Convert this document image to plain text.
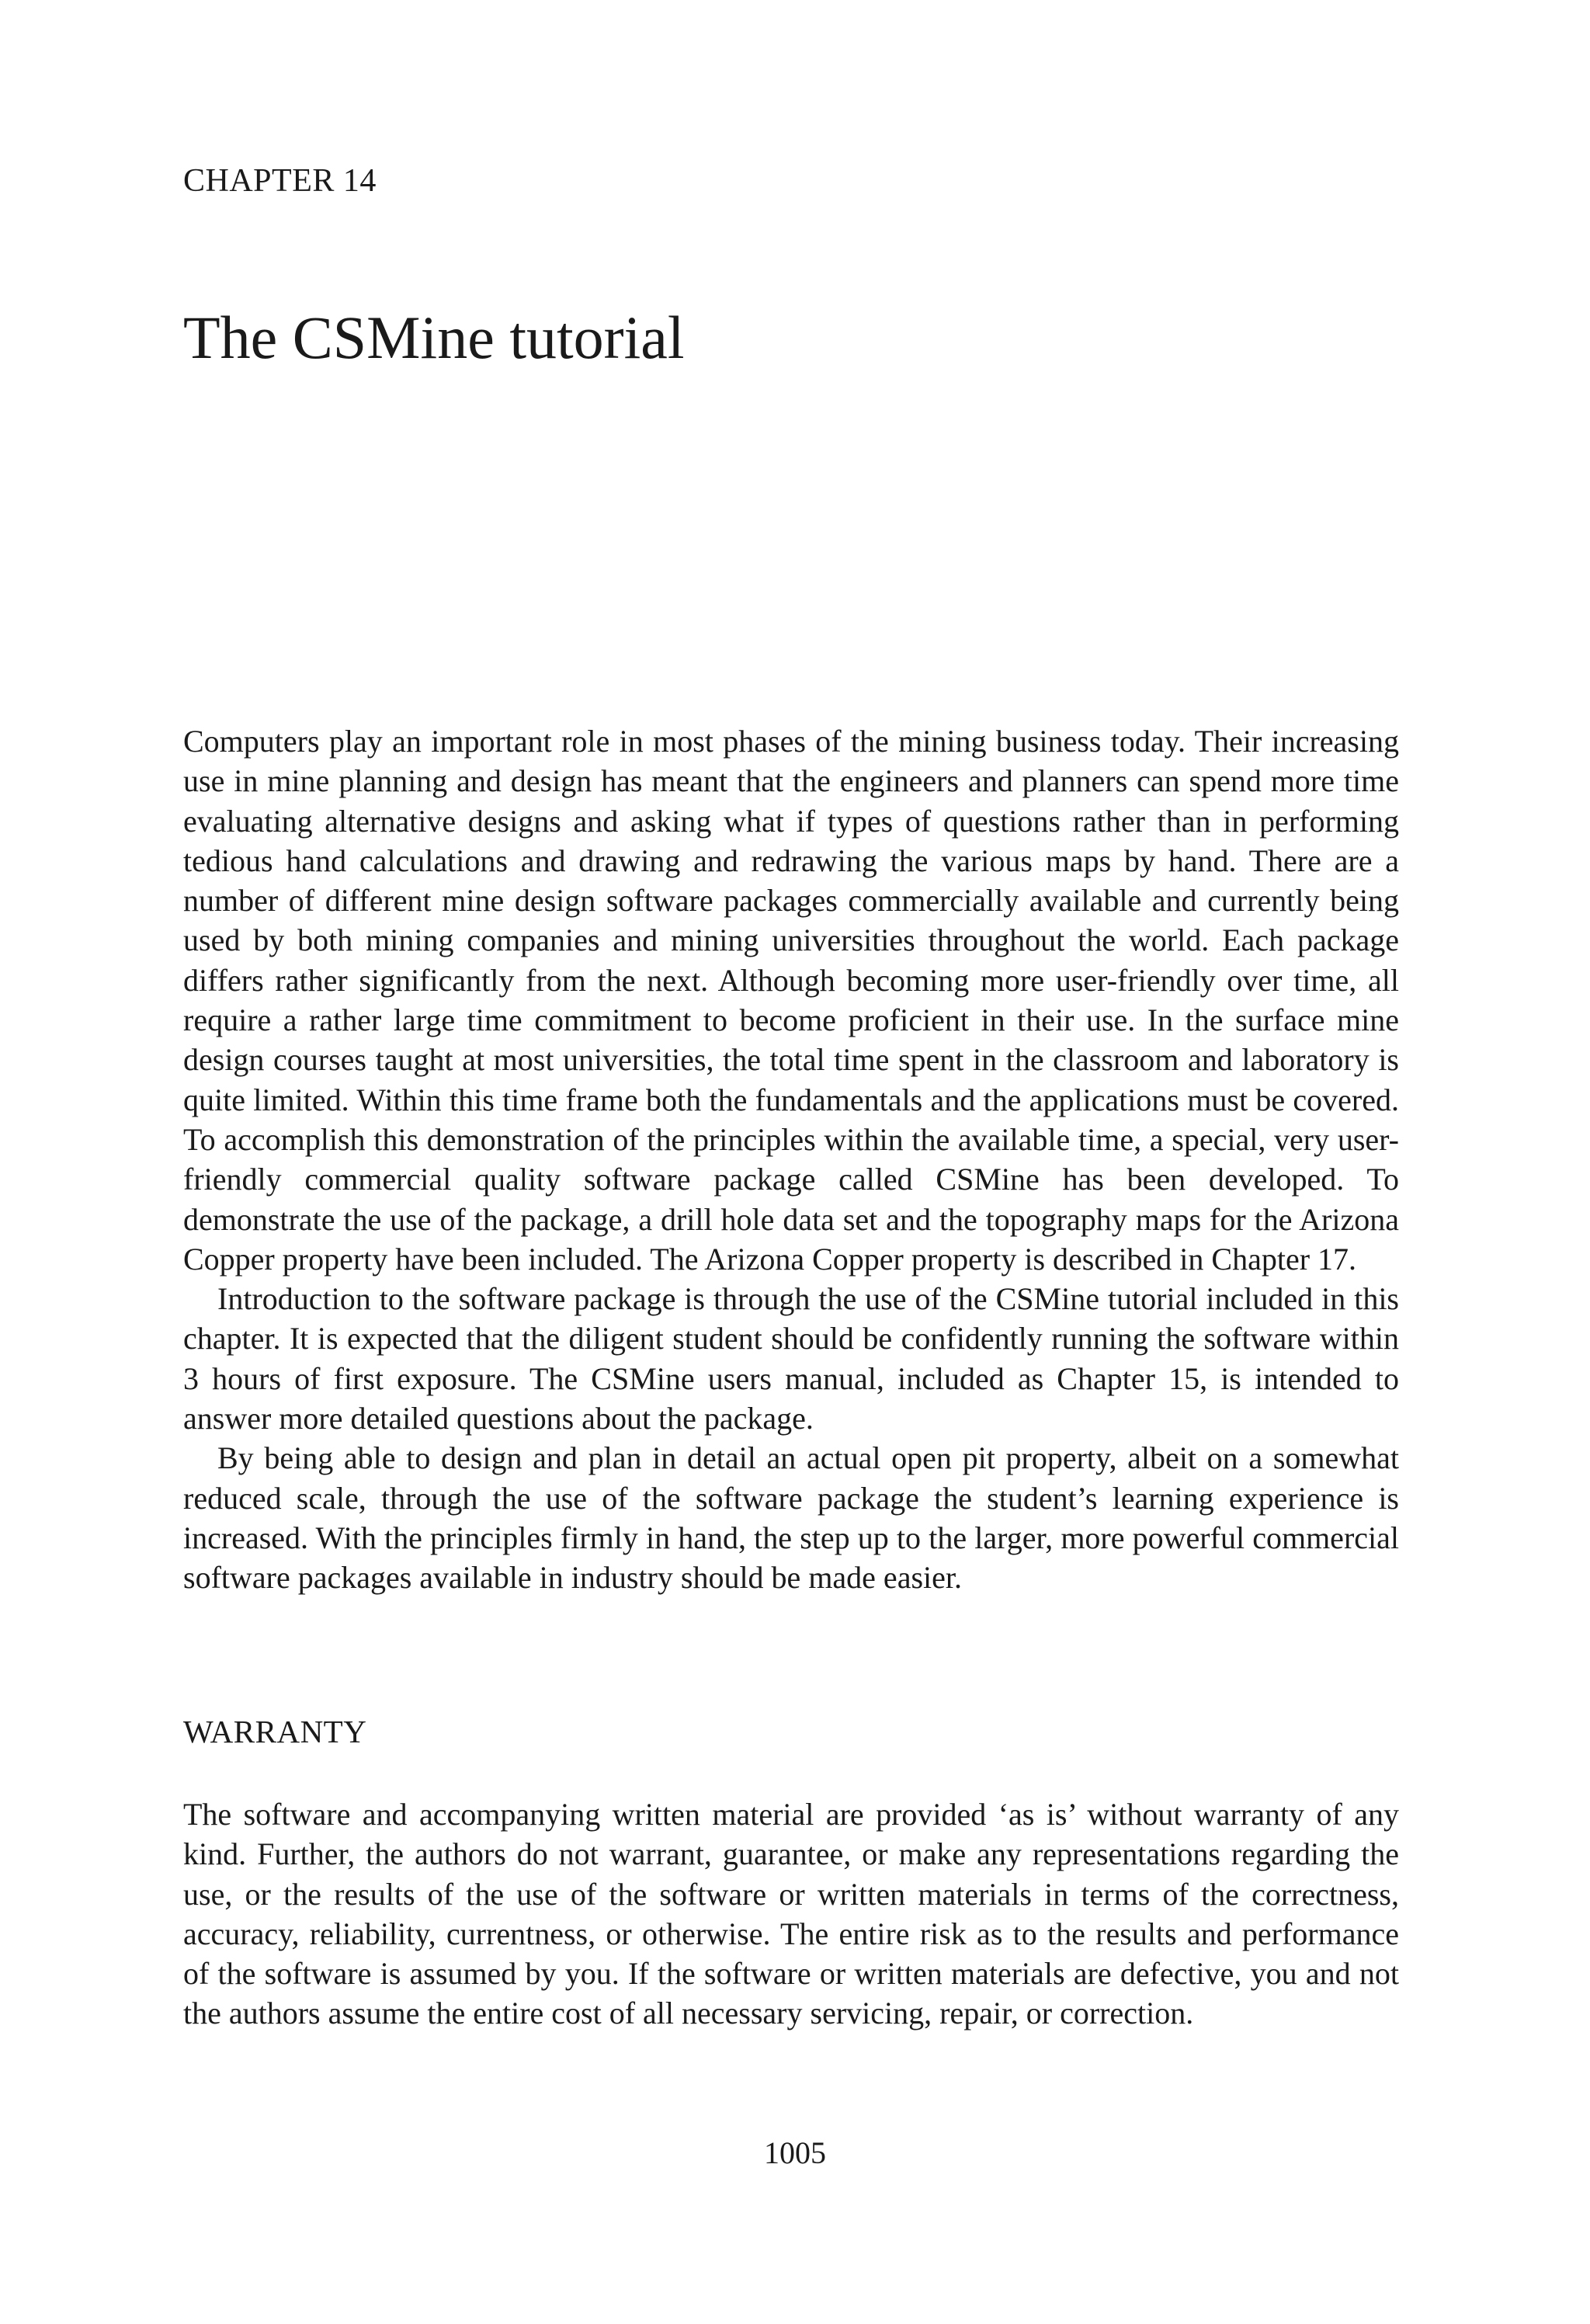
CHAPTER 14
The CSMine tutorial

Computers play an important role in most phases of the mining business today. Their increasing use in mine planning and design has meant that the engineers and planners can spend more time evaluating alternative designs and asking what if types of questions rather than in performing tedious hand calculations and drawing and redrawing the various maps by hand. There are a number of different mine design software packages commercially available and currently being used by both mining companies and mining universities throughout the world. Each package differs rather significantly from the next. Although becoming more user-friendly over time, all require a rather large time commitment to become proficient in their use. In the surface mine design courses taught at most universities, the total time spent in the classroom and laboratory is quite limited. Within this time frame both the fundamentals and the applications must be covered. To accomplish this demonstration of the principles within the available time, a special, very user-friendly commercial quality software package called CSMine has been developed. To demonstrate the use of the package, a drill hole data set and the topography maps for the Arizona Copper property have been included. The Arizona Copper property is described in Chapter 17.

Introduction to the software package is through the use of the CSMine tutorial included in this chapter. It is expected that the diligent student should be confidently running the software within 3 hours of first exposure. The CSMine users manual, included as Chapter 15, is intended to answer more detailed questions about the package.

By being able to design and plan in detail an actual open pit property, albeit on a somewhat reduced scale, through the use of the software package the student’s learning experience is increased. With the principles firmly in hand, the step up to the larger, more powerful commercial software packages available in industry should be made easier.

WARRANTY

The software and accompanying written material are provided ‘as is’ without warranty of any kind. Further, the authors do not warrant, guarantee, or make any representations regarding the use, or the results of the use of the software or written materials in terms of the correctness, accuracy, reliability, currentness, or otherwise. The entire risk as to the results and performance of the software is assumed by you. If the software or written materials are defective, you and not the authors assume the entire cost of all necessary servicing, repair, or correction.

1005
